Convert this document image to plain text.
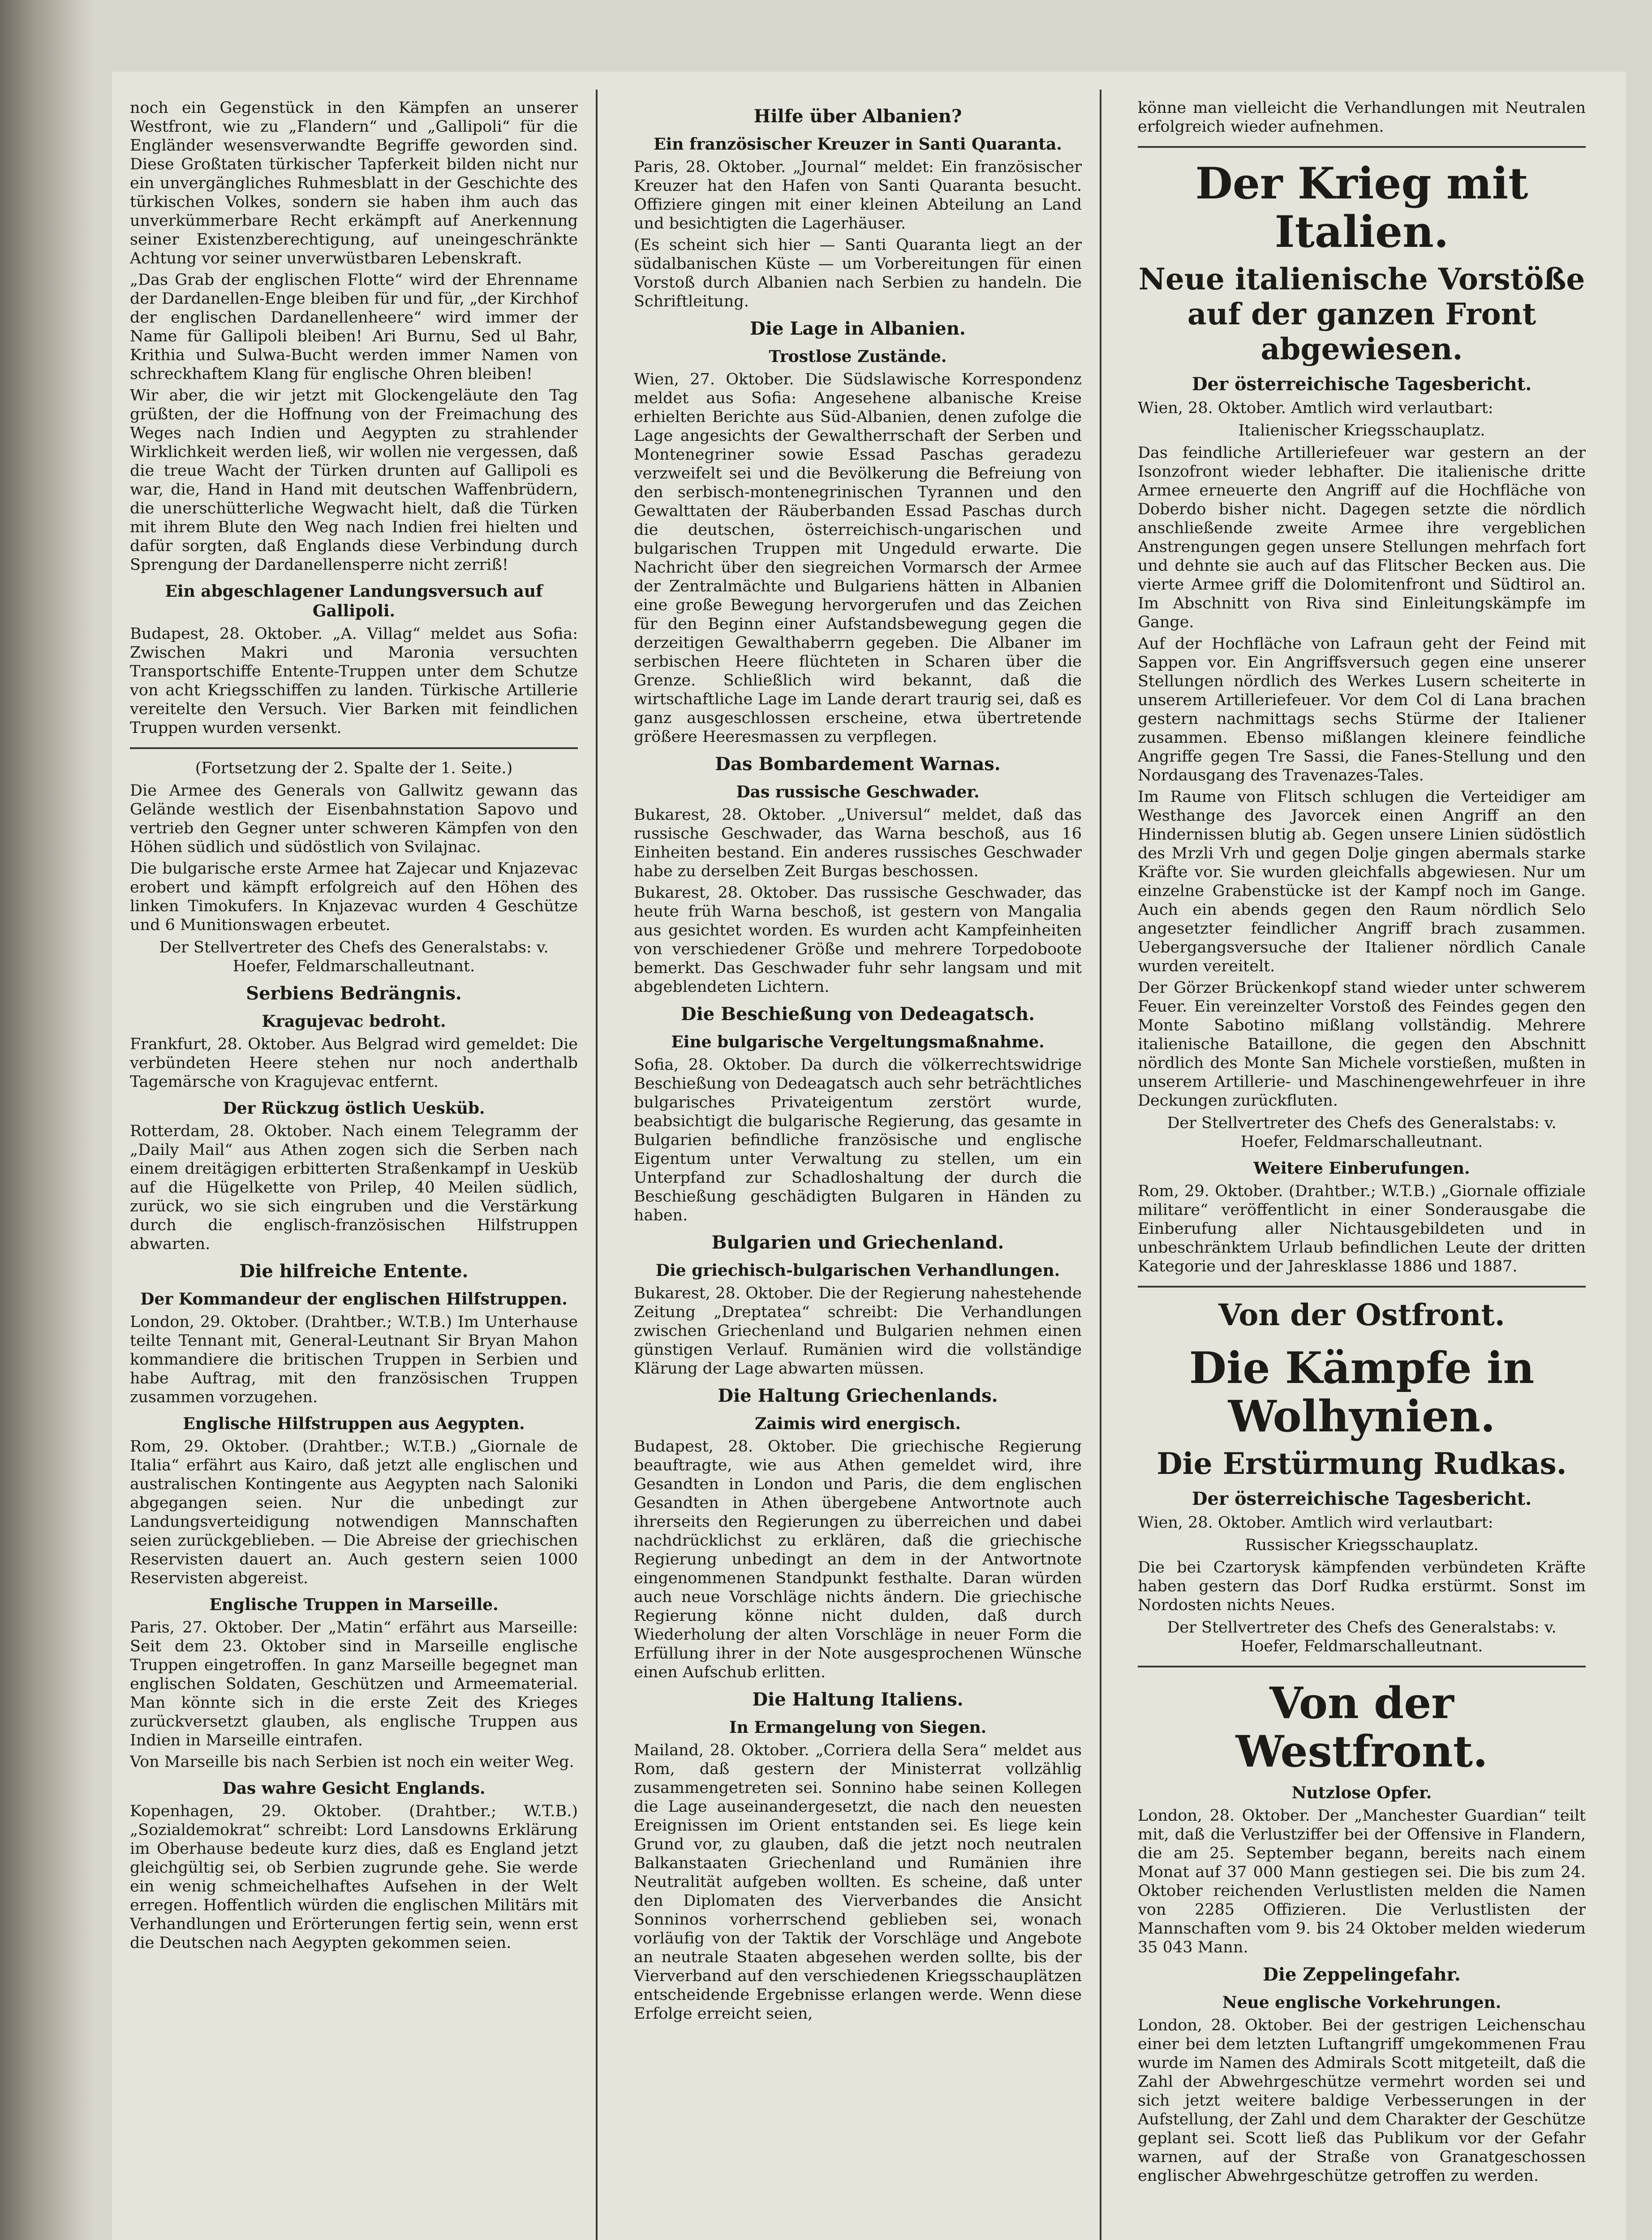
noch ein Gegenstück in den Kämpfen an unserer Westfront, wie zu „Flandern“ und „Gallipoli“ für die Engländer wesensverwandte Begriffe geworden sind. Diese Großtaten türkischer Tapferkeit bilden nicht nur ein unvergängliches Ruhmesblatt in der Geschichte des türkischen Volkes, sondern sie haben ihm auch das unverkümmerbare Recht erkämpft auf Anerkennung seiner Existenzberechtigung, auf uneingeschränkte Achtung vor seiner unverwüstbaren Lebenskraft.

„Das Grab der englischen Flotte“ wird der Ehrenname der Dardanellen-Enge bleiben für und für, „der Kirchhof der englischen Dardanellenheere“ wird immer der Name für Gallipoli bleiben! Ari Burnu, Sed ul Bahr, Krithia und Sulwa-Bucht werden immer Namen von schreckhaftem Klang für englische Ohren bleiben!

Wir aber, die wir jetzt mit Glockengeläute den Tag grüßten, der die Hoffnung von der Freimachung des Weges nach Indien und Aegypten zu strahlender Wirklichkeit werden ließ, wir wollen nie vergessen, daß die treue Wacht der Türken drunten auf Gallipoli es war, die, Hand in Hand mit deutschen Waffenbrüdern, die unerschütterliche Wegwacht hielt, daß die Türken mit ihrem Blute den Weg nach Indien frei hielten und dafür sorgten, daß Englands diese Verbindung durch Sprengung der Dardanellensperre nicht zerriß!

Ein abgeschlagener Landungsversuch auf Gallipoli.

Budapest, 28. Oktober. „A. Villag“ meldet aus Sofia: Zwischen Makri und Maronia versuchten Transportschiffe Entente-Truppen unter dem Schutze von acht Kriegsschiffen zu landen. Türkische Artillerie vereitelte den Versuch. Vier Barken mit feindlichen Truppen wurden versenkt.

(Fortsetzung der 2. Spalte der 1. Seite.)

Die Armee des Generals von Gallwitz gewann das Gelände westlich der Eisenbahnstation Sapovo und vertrieb den Gegner unter schweren Kämpfen von den Höhen südlich und südöstlich von Svilajnac.

Die bulgarische erste Armee hat Zajecar und Knjazevac erobert und kämpft erfolgreich auf den Höhen des linken Timokufers. In Knjazevac wurden 4 Geschütze und 6 Munitionswagen erbeutet.

Der Stellvertreter des Chefs des Generalstabs: v. Hoefer, Feldmarschalleutnant.
Serbiens Bedrängnis.
Kragujevac bedroht.

Frankfurt, 28. Oktober. Aus Belgrad wird gemeldet: Die verbündeten Heere stehen nur noch anderthalb Tagemärsche von Kragujevac entfernt.

Der Rückzug östlich Uesküb.

Rotterdam, 28. Oktober. Nach einem Telegramm der „Daily Mail“ aus Athen zogen sich die Serben nach einem dreitägigen erbitterten Straßenkampf in Uesküb auf die Hügelkette von Prilep, 40 Meilen südlich, zurück, wo sie sich eingruben und die Verstärkung durch die englisch-französischen Hilfstruppen abwarten.

Die hilfreiche Entente.
Der Kommandeur der englischen Hilfstruppen.

London, 29. Oktober. (Drahtber.; W.T.B.) Im Unterhause teilte Tennant mit, General-Leutnant Sir Bryan Mahon kommandiere die britischen Truppen in Serbien und habe Auftrag, mit den französischen Truppen zusammen vorzugehen.

Englische Hilfstruppen aus Aegypten.

Rom, 29. Oktober. (Drahtber.; W.T.B.) „Giornale de Italia“ erfährt aus Kairo, daß jetzt alle englischen und australischen Kontingente aus Aegypten nach Saloniki abgegangen seien. Nur die unbedingt zur Landungsverteidigung notwendigen Mannschaften seien zurückgeblieben. — Die Abreise der griechischen Reservisten dauert an. Auch gestern seien 1000 Reservisten abgereist.

Englische Truppen in Marseille.

Paris, 27. Oktober. Der „Matin“ erfährt aus Marseille: Seit dem 23. Oktober sind in Marseille englische Truppen eingetroffen. In ganz Marseille begegnet man englischen Soldaten, Geschützen und Armeematerial. Man könnte sich in die erste Zeit des Krieges zurückversetzt glauben, als englische Truppen aus Indien in Marseille eintrafen.

Von Marseille bis nach Serbien ist noch ein weiter Weg.

Das wahre Gesicht Englands.

Kopenhagen, 29. Oktober. (Drahtber.; W.T.B.) „Sozialdemokrat“ schreibt: Lord Lansdowns Erklärung im Oberhause bedeute kurz dies, daß es England jetzt gleichgültig sei, ob Serbien zugrunde gehe. Sie werde ein wenig schmeichelhaftes Aufsehen in der Welt erregen. Hoffentlich würden die englischen Militärs mit Verhandlungen und Erörterungen fertig sein, wenn erst die Deutschen nach Aegypten gekommen seien.

Hilfe über Albanien?
Ein französischer Kreuzer in Santi Quaranta.

Paris, 28. Oktober. „Journal“ meldet: Ein französischer Kreuzer hat den Hafen von Santi Quaranta besucht. Offiziere gingen mit einer kleinen Abteilung an Land und besichtigten die Lagerhäuser.

(Es scheint sich hier — Santi Quaranta liegt an der südalbanischen Küste — um Vorbereitungen für einen Vorstoß durch Albanien nach Serbien zu handeln. Die Schriftleitung.

Die Lage in Albanien.
Trostlose Zustände.

Wien, 27. Oktober. Die Südslawische Korrespondenz meldet aus Sofia: Angesehene albanische Kreise erhielten Berichte aus Süd-Albanien, denen zufolge die Lage angesichts der Gewaltherrschaft der Serben und Montenegriner sowie Essad Paschas geradezu verzweifelt sei und die Bevölkerung die Befreiung von den serbisch-montenegrinischen Tyrannen und den Gewalttaten der Räuberbanden Essad Paschas durch die deutschen, österreichisch-ungarischen und bulgarischen Truppen mit Ungeduld erwarte. Die Nachricht über den siegreichen Vormarsch der Armee der Zentralmächte und Bulgariens hätten in Albanien eine große Bewegung hervorgerufen und das Zeichen für den Beginn einer Aufstandsbewegung gegen die derzeitigen Gewalthaberrn gegeben. Die Albaner im serbischen Heere flüchteten in Scharen über die Grenze. Schließlich wird bekannt, daß die wirtschaftliche Lage im Lande derart traurig sei, daß es ganz ausgeschlossen erscheine, etwa übertretende größere Heeresmassen zu verpflegen.

Das Bombardement Warnas.
Das russische Geschwader.

Bukarest, 28. Oktober. „Universul“ meldet, daß das russische Geschwader, das Warna beschoß, aus 16 Einheiten bestand. Ein anderes russisches Geschwader habe zu derselben Zeit Burgas beschossen.

Bukarest, 28. Oktober. Das russische Geschwader, das heute früh Warna beschoß, ist gestern von Mangalia aus gesichtet worden. Es wurden acht Kampfeinheiten von verschiedener Größe und mehrere Torpedoboote bemerkt. Das Geschwader fuhr sehr langsam und mit abgeblendeten Lichtern.

Die Beschießung von Dedeagatsch.
Eine bulgarische Vergeltungsmaßnahme.

Sofia, 28. Oktober. Da durch die völkerrechtswidrige Beschießung von Dedeagatsch auch sehr beträchtliches bulgarisches Privateigentum zerstört wurde, beabsichtigt die bulgarische Regierung, das gesamte in Bulgarien befindliche französische und englische Eigentum unter Verwaltung zu stellen, um ein Unterpfand zur Schadloshaltung der durch die Beschießung geschädigten Bulgaren in Händen zu haben.

Bulgarien und Griechenland.
Die griechisch-bulgarischen Verhandlungen.

Bukarest, 28. Oktober. Die der Regierung nahestehende Zeitung „Dreptatea“ schreibt: Die Verhandlungen zwischen Griechenland und Bulgarien nehmen einen günstigen Verlauf. Rumänien wird die vollständige Klärung der Lage abwarten müssen.

Die Haltung Griechenlands.
Zaimis wird energisch.

Budapest, 28. Oktober. Die griechische Regierung beauftragte, wie aus Athen gemeldet wird, ihre Gesandten in London und Paris, die dem englischen Gesandten in Athen übergebene Antwortnote auch ihrerseits den Regierungen zu überreichen und dabei nachdrücklichst zu erklären, daß die griechische Regierung unbedingt an dem in der Antwortnote eingenommenen Standpunkt festhalte. Daran würden auch neue Vorschläge nichts ändern. Die griechische Regierung könne nicht dulden, daß durch Wiederholung der alten Vorschläge in neuer Form die Erfüllung ihrer in der Note ausgesprochenen Wünsche einen Aufschub erlitten.

Die Haltung Italiens.
In Ermangelung von Siegen.

Mailand, 28. Oktober. „Corriera della Sera“ meldet aus Rom, daß gestern der Ministerrat vollzählig zusammengetreten sei. Sonnino habe seinen Kollegen die Lage auseinandergesetzt, die nach den neuesten Ereignissen im Orient entstanden sei. Es liege kein Grund vor, zu glauben, daß die jetzt noch neutralen Balkanstaaten Griechenland und Rumänien ihre Neutralität aufgeben wollten. Es scheine, daß unter den Diplomaten des Vierverbandes die Ansicht Sonninos vorherrschend geblieben sei, wonach vorläufig von der Taktik der Vorschläge und Angebote an neutrale Staaten abgesehen werden sollte, bis der Vierverband auf den verschiedenen Kriegsschauplätzen entscheidende Ergebnisse erlangen werde. Wenn diese Erfolge erreicht seien,

könne man vielleicht die Verhandlungen mit Neutralen erfolgreich wieder aufnehmen.

Der Krieg mit Italien.
Neue italienische Vorstöße auf der ganzen Front abgewiesen.
Der österreichische Tagesbericht.

Wien, 28. Oktober. Amtlich wird verlautbart:

Italienischer Kriegsschauplatz.

Das feindliche Artilleriefeuer war gestern an der Isonzofront wieder lebhafter. Die italienische dritte Armee erneuerte den Angriff auf die Hochfläche von Doberdo bisher nicht. Dagegen setzte die nördlich anschließende zweite Armee ihre vergeblichen Anstrengungen gegen unsere Stellungen mehrfach fort und dehnte sie auch auf das Flitscher Becken aus. Die vierte Armee griff die Dolomitenfront und Südtirol an. Im Abschnitt von Riva sind Einleitungskämpfe im Gange.

Auf der Hochfläche von Lafraun geht der Feind mit Sappen vor. Ein Angriffsversuch gegen eine unserer Stellungen nördlich des Werkes Lusern scheiterte in unserem Artilleriefeuer. Vor dem Col di Lana brachen gestern nachmittags sechs Stürme der Italiener zusammen. Ebenso mißlangen kleinere feindliche Angriffe gegen Tre Sassi, die Fanes-Stellung und den Nordausgang des Travenazes-Tales.

Im Raume von Flitsch schlugen die Verteidiger am Westhange des Javorcek einen Angriff an den Hindernissen blutig ab. Gegen unsere Linien südöstlich des Mrzli Vrh und gegen Dolje gingen abermals starke Kräfte vor. Sie wurden gleichfalls abgewiesen. Nur um einzelne Grabenstücke ist der Kampf noch im Gange. Auch ein abends gegen den Raum nördlich Selo angesetzter feindlicher Angriff brach zusammen. Uebergangsversuche der Italiener nördlich Canale wurden vereitelt.

Der Görzer Brückenkopf stand wieder unter schwerem Feuer. Ein vereinzelter Vorstoß des Feindes gegen den Monte Sabotino mißlang vollständig. Mehrere italienische Bataillone, die gegen den Abschnitt nördlich des Monte San Michele vorstießen, mußten in unserem Artillerie- und Maschinengewehrfeuer in ihre Deckungen zurückfluten.

Der Stellvertreter des Chefs des Generalstabs: v. Hoefer, Feldmarschalleutnant.
Weitere Einberufungen.

Rom, 29. Oktober. (Drahtber.; W.T.B.) „Giornale offiziale militare“ veröffentlicht in einer Sonderausgabe die Einberufung aller Nichtausgebildeten und in unbeschränktem Urlaub befindlichen Leute der dritten Kategorie und der Jahresklasse 1886 und 1887.

Von der Ostfront.
Die Kämpfe in Wolhynien.
Die Erstürmung Rudkas.
Der österreichische Tagesbericht.

Wien, 28. Oktober. Amtlich wird verlautbart:

Russischer Kriegsschauplatz.

Die bei Czartorysk kämpfenden verbündeten Kräfte haben gestern das Dorf Rudka erstürmt. Sonst im Nordosten nichts Neues.

Der Stellvertreter des Chefs des Generalstabs: v. Hoefer, Feldmarschalleutnant.
Von der Westfront.
Nutzlose Opfer.

London, 28. Oktober. Der „Manchester Guardian“ teilt mit, daß die Verlustziffer bei der Offensive in Flandern, die am 25. September begann, bereits nach einem Monat auf 37 000 Mann gestiegen sei. Die bis zum 24. Oktober reichenden Verlustlisten melden die Namen von 2285 Offizieren. Die Verlustlisten der Mannschaften vom 9. bis 24 Oktober melden wiederum 35 043 Mann.

Die Zeppelingefahr.
Neue englische Vorkehrungen.

London, 28. Oktober. Bei der gestrigen Leichenschau einer bei dem letzten Luftangriff umgekommenen Frau wurde im Namen des Admirals Scott mitgeteilt, daß die Zahl der Abwehrgeschütze vermehrt worden sei und sich jetzt weitere baldige Verbesserungen in der Aufstellung, der Zahl und dem Charakter der Geschütze geplant sei. Scott ließ das Publikum vor der Gefahr warnen, auf der Straße von Granatgeschossen englischer Abwehrgeschütze getroffen zu werden.
